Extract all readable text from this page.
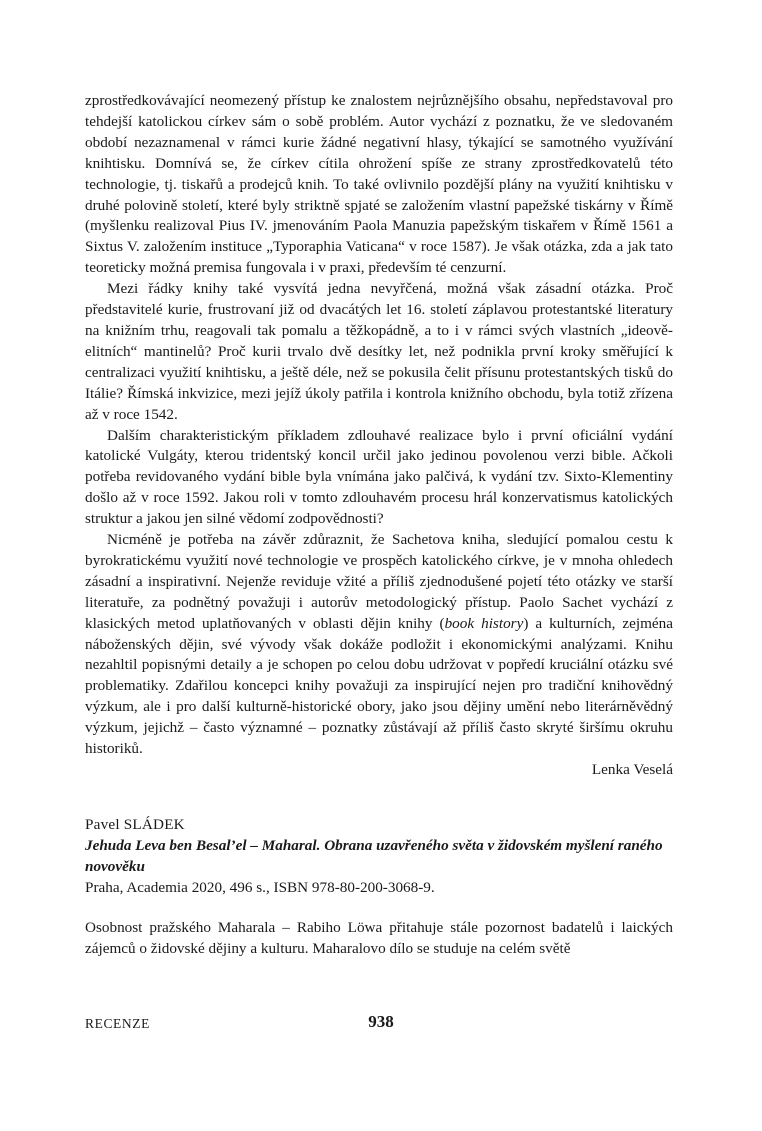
zprostředkovávající neomezený přístup ke znalostem nejrůznějšího obsahu, nepředstavoval pro tehdejší katolickou církev sám o sobě problém. Autor vychází z poznatku, že ve sledovaném období nezaznamenal v rámci kurie žádné negativní hlasy, týkající se samotného využívání knihtisku. Domnívá se, že církev cítila ohrožení spíše ze strany zprostředkovatelů této technologie, tj. tiskařů a prodejců knih. To také ovlivnilo pozdější plány na využití knihtisku v druhé polovině století, které byly striktně spjaté se založením vlastní papežské tiskárny v Římě (myšlenku realizoval Pius IV. jmenováním Paola Manuzia papežským tiskařem v Římě 1561 a Sixtus V. založením instituce „Typoraphia Vaticana“ v roce 1587). Je však otázka, zda a jak tato teoreticky možná premisa fungovala i v praxi, především té cenzurní.

Mezi řádky knihy také vysvítá jedna nevyřčená, možná však zásadní otázka. Proč představitelé kurie, frustrovaní již od dvacátých let 16. století záplavou protestantské literatury na knižním trhu, reagovali tak pomalu a těžkopádně, a to i v rámci svých vlastních „ideově-elitních“ mantinelů? Proč kurii trvalo dvě desítky let, než podnikla první kroky směřující k centralizaci využití knihtisku, a ještě déle, než se pokusila čelit přísunu protestantských tisků do Itálie? Římská inkvizice, mezi jejíž úkoly patřila i kontrola knižního obchodu, byla totiž zřízena až v roce 1542.

Dalším charakteristickým příkladem zdlouhavé realizace bylo i první oficiální vydání katolické Vulgáty, kterou tridentský koncil určil jako jedinou povolenou verzi bible. Ačkoli potřeba revidovaného vydání bible byla vnímána jako palčivá, k vydání tzv. Sixto-Klementiny došlo až v roce 1592. Jakou roli v tomto zdlouhavém procesu hrál konzervatismus katolických struktur a jakou jen silné vědomí zodpovědnosti?

Nicméně je potřeba na závěr zdůraznit, že Sachetova kniha, sledující pomalou cestu k byrokratickému využití nové technologie ve prospěch katolického církve, je v mnoha ohledech zásadní a inspirativní. Nejenže reviduje vžité a příliš zjednodušené pojetí této otázky ve starší literatuře, za podnětný považuji i autorův metodologický přístup. Paolo Sachet vychází z klasických metod uplatňovaných v oblasti dějin knihy (book history) a kulturních, zejména náboženských dějin, své vývody však dokáže podložit i ekonomickými analýzami. Knihu nezahltil popisnými detaily a je schopen po celou dobu udržovat v popředí kruciální otázku své problematiky. Zdařilou koncepci knihy považuji za inspirující nejen pro tradiční knihovědný výzkum, ale i pro další kulturně-historické obory, jako jsou dějiny umění nebo literárněvědný výzkum, jejichž – často významné – poznatky zůstávají až příliš často skryté širšímu okruhu historiků.

Lenka Veselá

Pavel SLÁDEK
Jehuda Leva ben Besal’el – Maharal. Obrana uzavřeného světa v židovském myšlení raného novověku
Praha, Academia 2020, 496 s., ISBN 978-80-200-3068-9.

Osobnost pražského Maharala – Rabiho Löwa přitahuje stále pozornost badatelů i laických zájemců o židovské dějiny a kulturu. Maharalovo dílo se studuje na celém světě

RECENZE	938
